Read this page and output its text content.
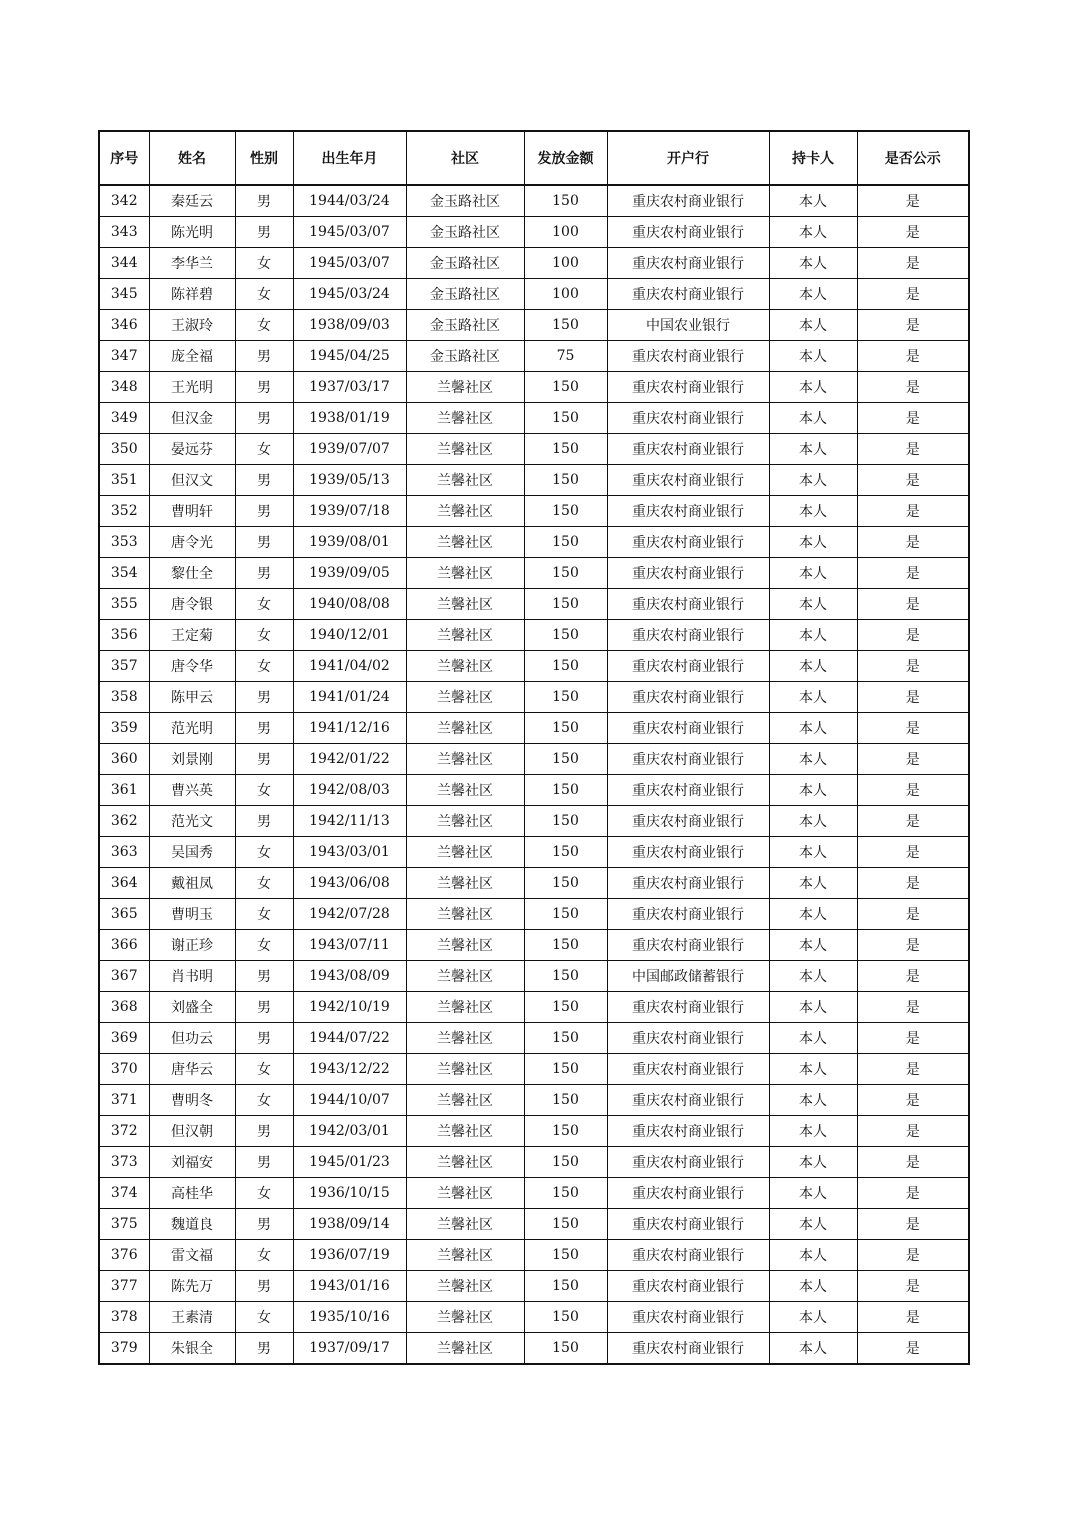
序号	姓名	性别	出生年月	社区	发放金额	开户行	持卡人	是否公示
342	秦廷云	男	1944/03/24	金玉路社区	150	重庆农村商业银行	本人	是
343	陈光明	男	1945/03/07	金玉路社区	100	重庆农村商业银行	本人	是
344	李华兰	女	1945/03/07	金玉路社区	100	重庆农村商业银行	本人	是
345	陈祥碧	女	1945/03/24	金玉路社区	100	重庆农村商业银行	本人	是
346	王淑玲	女	1938/09/03	金玉路社区	150	中国农业银行	本人	是
347	庞全福	男	1945/04/25	金玉路社区	75	重庆农村商业银行	本人	是
348	王光明	男	1937/03/17	兰馨社区	150	重庆农村商业银行	本人	是
349	但汉金	男	1938/01/19	兰馨社区	150	重庆农村商业银行	本人	是
350	晏远芬	女	1939/07/07	兰馨社区	150	重庆农村商业银行	本人	是
351	但汉文	男	1939/05/13	兰馨社区	150	重庆农村商业银行	本人	是
352	曹明轩	男	1939/07/18	兰馨社区	150	重庆农村商业银行	本人	是
353	唐令光	男	1939/08/01	兰馨社区	150	重庆农村商业银行	本人	是
354	黎仕全	男	1939/09/05	兰馨社区	150	重庆农村商业银行	本人	是
355	唐令银	女	1940/08/08	兰馨社区	150	重庆农村商业银行	本人	是
356	王定菊	女	1940/12/01	兰馨社区	150	重庆农村商业银行	本人	是
357	唐令华	女	1941/04/02	兰馨社区	150	重庆农村商业银行	本人	是
358	陈甲云	男	1941/01/24	兰馨社区	150	重庆农村商业银行	本人	是
359	范光明	男	1941/12/16	兰馨社区	150	重庆农村商业银行	本人	是
360	刘景刚	男	1942/01/22	兰馨社区	150	重庆农村商业银行	本人	是
361	曹兴英	女	1942/08/03	兰馨社区	150	重庆农村商业银行	本人	是
362	范光文	男	1942/11/13	兰馨社区	150	重庆农村商业银行	本人	是
363	吴国秀	女	1943/03/01	兰馨社区	150	重庆农村商业银行	本人	是
364	戴祖凤	女	1943/06/08	兰馨社区	150	重庆农村商业银行	本人	是
365	曹明玉	女	1942/07/28	兰馨社区	150	重庆农村商业银行	本人	是
366	谢正珍	女	1943/07/11	兰馨社区	150	重庆农村商业银行	本人	是
367	肖书明	男	1943/08/09	兰馨社区	150	中国邮政储蓄银行	本人	是
368	刘盛全	男	1942/10/19	兰馨社区	150	重庆农村商业银行	本人	是
369	但功云	男	1944/07/22	兰馨社区	150	重庆农村商业银行	本人	是
370	唐华云	女	1943/12/22	兰馨社区	150	重庆农村商业银行	本人	是
371	曹明冬	女	1944/10/07	兰馨社区	150	重庆农村商业银行	本人	是
372	但汉朝	男	1942/03/01	兰馨社区	150	重庆农村商业银行	本人	是
373	刘福安	男	1945/01/23	兰馨社区	150	重庆农村商业银行	本人	是
374	高桂华	女	1936/10/15	兰馨社区	150	重庆农村商业银行	本人	是
375	魏道良	男	1938/09/14	兰馨社区	150	重庆农村商业银行	本人	是
376	雷文福	女	1936/07/19	兰馨社区	150	重庆农村商业银行	本人	是
377	陈先万	男	1943/01/16	兰馨社区	150	重庆农村商业银行	本人	是
378	王素清	女	1935/10/16	兰馨社区	150	重庆农村商业银行	本人	是
379	朱银全	男	1937/09/17	兰馨社区	150	重庆农村商业银行	本人	是
